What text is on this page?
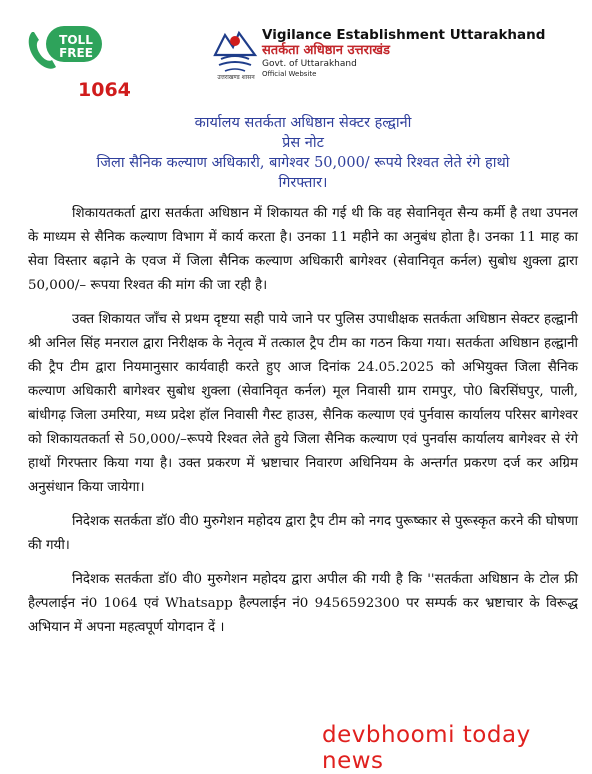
TOLL FREE
1064
उत्तराखण्ड शासन
Vigilance Establishment Uttarakhand
सतर्कता अधिष्ठान उत्तराखंड
Govt. of Uttarakhand
Official Website
कार्यालय सतर्कता अधिष्ठान सेक्टर हल्द्वानी
प्रेस नोट
जिला सैनिक कल्याण अधिकारी, बागेश्वर 50,000/ रूपये रिश्वत लेते रंगे हाथो
गिरफ्तार।

शिकायतकर्ता द्वारा सतर्कता अधिष्ठान में शिकायत की गई थी कि वह सेवानिवृत सैन्य कर्मी है तथा उपनल के माध्यम से सैनिक कल्याण विभाग में कार्य करता है। उनका 11 महीने का अनुबंध होता है। उनका 11 माह का सेवा विस्तार बढ़ाने के एवज में जिला सैनिक कल्याण अधिकारी बागेश्वर (सेवानिवृत कर्नल) सुबोध शुक्ला द्वारा 50,000/– रूपया रिश्वत की मांग की जा रही है।

उक्त शिकायत जाँच से प्रथम दृष्टया सही पाये जाने पर पुलिस उपाधीक्षक सतर्कता अधिष्ठान सेक्टर हल्द्वानी श्री अनिल सिंह मनराल द्वारा निरीक्षक के नेतृत्व में तत्काल ट्रैप टीम का गठन किया गया। सतर्कता अधिष्ठान हल्द्वानी की ट्रैप टीम द्वारा नियमानुसार कार्यवाही करते हुए आज दिनांक 24.05.2025 को अभियुक्त जिला सैनिक कल्याण अधिकारी बागेश्वर सुबोध शुक्ला (सेवानिवृत कर्नल) मूल निवासी ग्राम रामपुर, पो0 बिरसिंघपुर, पाली, बांधीगढ़ जिला उमरिया, मध्य प्रदेश हॉल निवासी गैस्ट हाउस, सैनिक कल्याण एवं पुर्नवास कार्यालय परिसर बागेश्वर को शिकायतकर्ता से 50,000/–रूपये रिश्वत लेते हुये जिला सैनिक कल्याण एवं पुनर्वास कार्यालय बागेश्वर से रंगे हाथों गिरफ्तार किया गया है। उक्त प्रकरण में भ्रष्टाचार निवारण अधिनियम के अन्तर्गत प्रकरण दर्ज कर अग्रिम अनुसंधान किया जायेगा।

निदेशक सतर्कता डॉ0 वी0 मुरुगेशन महोदय द्वारा ट्रैप टीम को नगद पुरूष्कार से पुरूस्कृत करने की घोषणा की गयी।

निदेशक सतर्कता डॉ0 वी0 मुरुगेशन महोदय द्वारा अपील की गयी है कि ''सतर्कता अधिष्ठान के टोल फ्री हैल्पलाईन नं0 1064 एवं Whatsapp हैल्पलाईन नं0 9456592300 पर सम्पर्क कर भ्रष्टाचार के विरूद्ध अभियान में अपना महत्वपूर्ण योगदान दें ।

devbhoomi today news
